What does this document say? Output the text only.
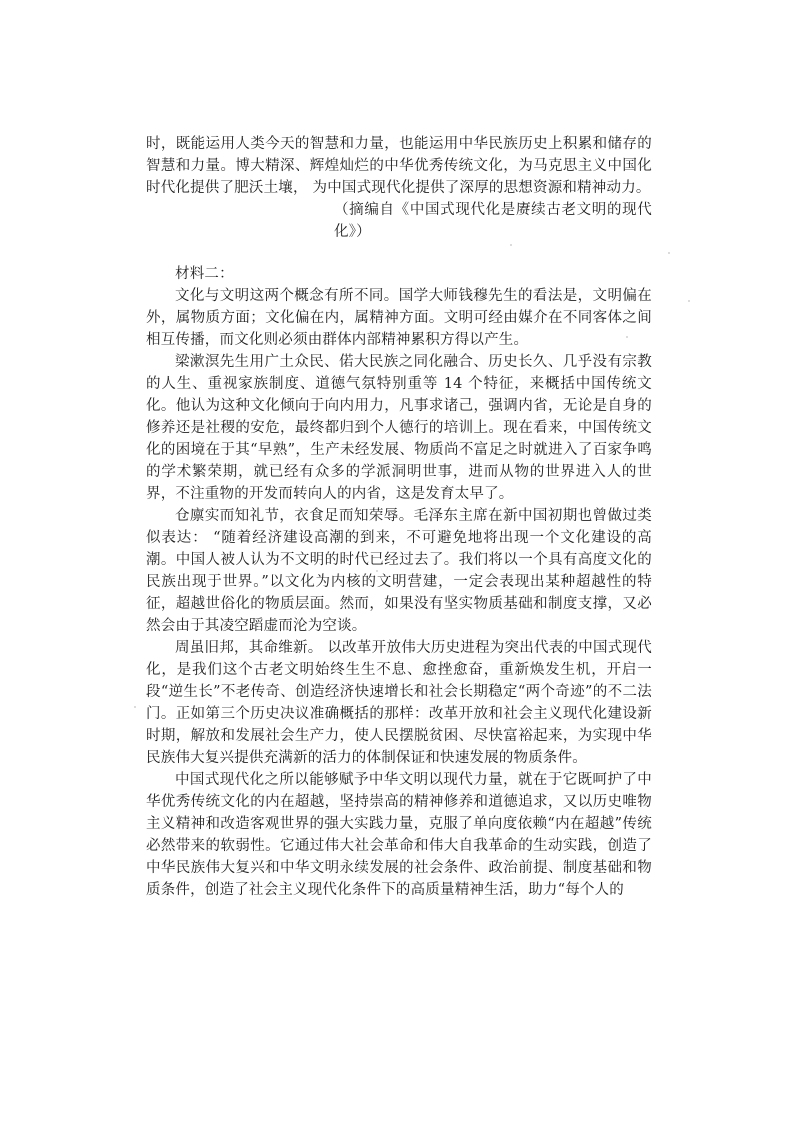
时，既能运用人类今天的智慧和力量，也能运用中华民族历史上积累和储存的智慧和力量。博大精深、辉煌灿烂的中华优秀传统文化，为马克思主义中国化时代化提供了肥沃土壤， 为中国式现代化提供了深厚的思想资源和精神动力。

（摘编自《中国式现代化是赓续古老文明的现代化》）

材料二：

文化与文明这两个概念有所不同。国学大师钱穆先生的看法是，文明偏在外，属物质方面；文化偏在内，属精神方面。文明可经由媒介在不同客体之间相互传播，而文化则必须由群体内部精神累积方得以产生。

梁漱溟先生用广土众民、偌大民族之同化融合、历史长久、几乎没有宗教的人生、重视家族制度、道德气氛特别重等 14 个特征，来概括中国传统文化。他认为这种文化倾向于向内用力，凡事求诸己，强调内省，无论是自身的修养还是社稷的安危，最终都归到个人德行的培训上。现在看来，中国传统文化的困境在于其“早熟”，生产未经发展、物质尚不富足之时就进入了百家争鸣的学术繁荣期，就已经有众多的学派洞明世事，进而从物的世界进入人的世界，不注重物的开发而转向人的内省，这是发育太早了。

仓廪实而知礼节，衣食足而知荣辱。毛泽东主席在新中国初期也曾做过类似表达： “随着经济建设高潮的到来，不可避免地将出现一个文化建设的高潮。中国人被人认为不文明的时代已经过去了。我们将以一个具有高度文化的民族出现于世界。”以文化为内核的文明营建，一定会表现出某种超越性的特征，超越世俗化的物质层面。然而，如果没有坚实物质基础和制度支撑，又必然会由于其凌空蹈虚而沦为空谈。

周虽旧邦，其命维新。 以改革开放伟大历史进程为突出代表的中国式现代化，是我们这个古老文明始终生生不息、愈挫愈奋，重新焕发生机，开启一段“逆生长”不老传奇、创造经济快速增长和社会长期稳定“两个奇迹”的不二法门。正如第三个历史决议准确概括的那样：改革开放和社会主义现代化建设新时期，解放和发展社会生产力，使人民摆脱贫困、尽快富裕起来，为实现中华民族伟大复兴提供充满新的活力的体制保证和快速发展的物质条件。

中国式现代化之所以能够赋予中华文明以现代力量，就在于它既呵护了中华优秀传统文化的内在超越，坚持崇高的精神修养和道德追求，又以历史唯物主义精神和改造客观世界的强大实践力量，克服了单向度依赖“内在超越”传统必然带来的软弱性。它通过伟大社会革命和伟大自我革命的生动实践，创造了中华民族伟大复兴和中华文明永续发展的社会条件、政治前提、制度基础和物质条件，创造了社会主义现代化条件下的高质量精神生活，助力“每个人的
